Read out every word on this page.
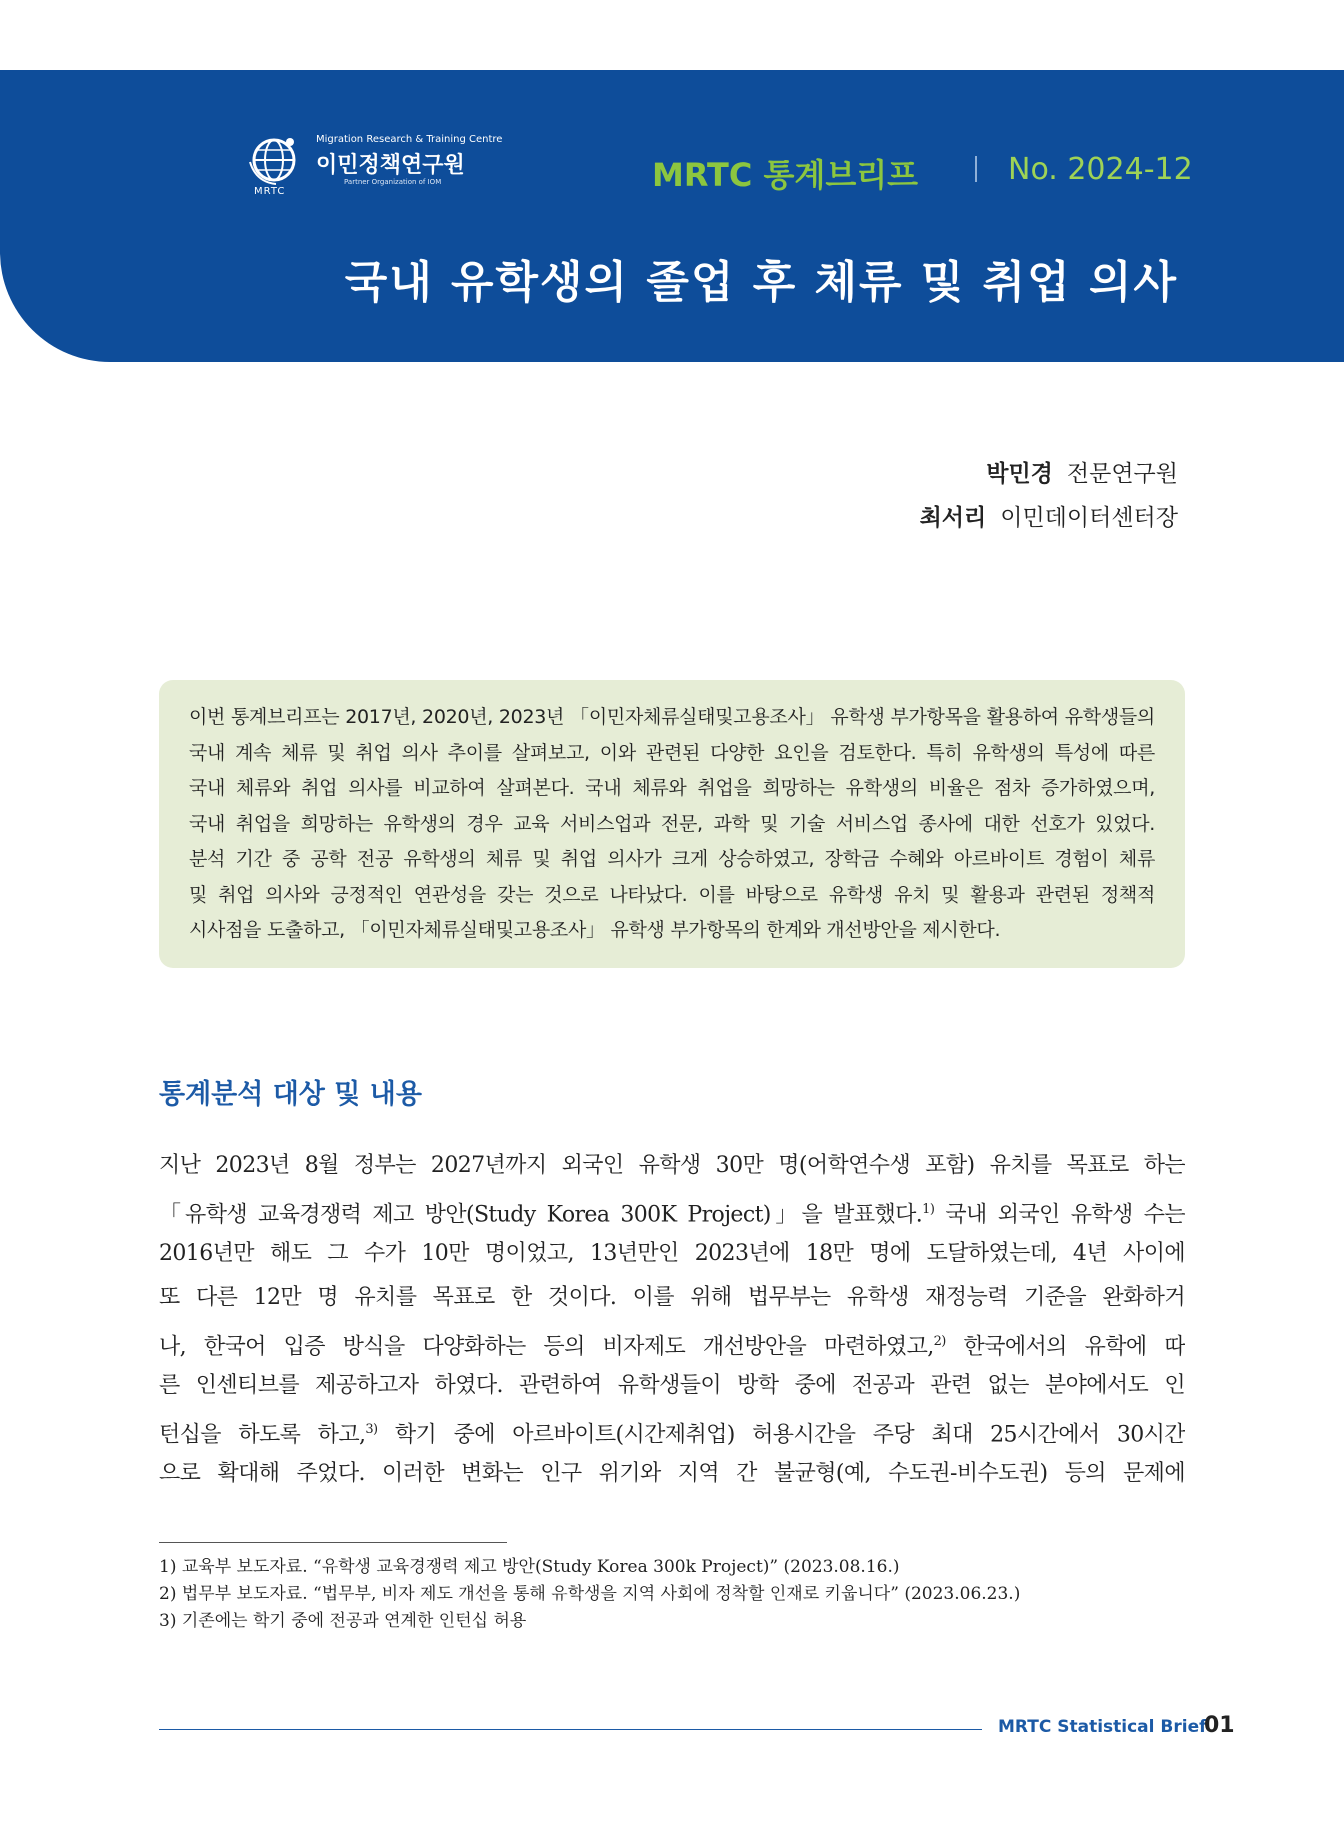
MRTC
Migration Research & Training Centre
이민정책연구원
Partner Organization of IOM	MRTC 통계브리프	No. 2024-12
국내 유학생의 졸업 후 체류 및 취업 의사
박민경 전문연구원
최서리 이민데이터센터장

이번 통계브리프는 2017년, 2020년, 2023년 「이민자체류실태및고용조사」 유학생 부가항목을 활용하여 유학생들의

국내 계속 체류 및 취업 의사 추이를 살펴보고, 이와 관련된 다양한 요인을 검토한다. 특히 유학생의 특성에 따른

국내 체류와 취업 의사를 비교하여 살펴본다. 국내 체류와 취업을 희망하는 유학생의 비율은 점차 증가하였으며,

국내 취업을 희망하는 유학생의 경우 교육 서비스업과 전문, 과학 및 기술 서비스업 종사에 대한 선호가 있었다.

분석 기간 중 공학 전공 유학생의 체류 및 취업 의사가 크게 상승하였고, 장학금 수혜와 아르바이트 경험이 체류

및 취업 의사와 긍정적인 연관성을 갖는 것으로 나타났다. 이를 바탕으로 유학생 유치 및 활용과 관련된 정책적

시사점을 도출하고, 「이민자체류실태및고용조사」 유학생 부가항목의 한계와 개선방안을 제시한다.

통계분석 대상 및 내용

지난 2023년 8월 정부는 2027년까지 외국인 유학생 30만 명(어학연수생 포함) 유치를 목표로 하는

「유학생 교육경쟁력 제고 방안(Study Korea 300K Project)」을 발표했다.$^{1)}$ 국내 외국인 유학생 수는

2016년만 해도 그 수가 10만 명이었고, 13년만인 2023년에 18만 명에 도달하였는데, 4년 사이에

또 다른 12만 명 유치를 목표로 한 것이다. 이를 위해 법무부는 유학생 재정능력 기준을 완화하거

나, 한국어 입증 방식을 다양화하는 등의 비자제도 개선방안을 마련하였고,$^{2)}$ 한국에서의 유학에 따

른 인센티브를 제공하고자 하였다. 관련하여 유학생들이 방학 중에 전공과 관련 없는 분야에서도 인

턴십을 하도록 하고,$^{3)}$ 학기 중에 아르바이트(시간제취업) 허용시간을 주당 최대 25시간에서 30시간

으로 확대해 주었다. 이러한 변화는 인구 위기와 지역 간 불균형(예, 수도권-비수도권) 등의 문제에

1) 교육부 보도자료. “유학생 교육경쟁력 제고 방안(Study Korea 300k Project)” (2023.08.16.)

2) 법무부 보도자료. “법무부, 비자 제도 개선을 통해 유학생을 지역 사회에 정착할 인재로 키웁니다” (2023.06.23.)

3) 기존에는 학기 중에 전공과 연계한 인턴십 허용

MRTC Statistical Brief
01
